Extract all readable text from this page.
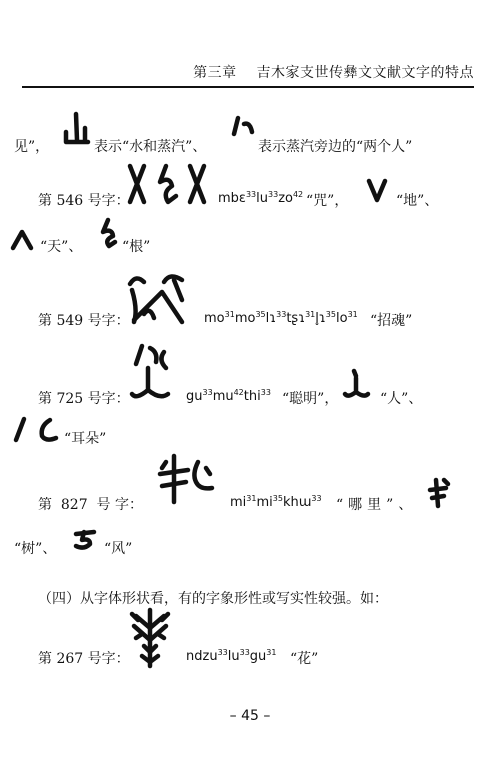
第三章 吉木家支世传彝文文献文字的特点
见”，	表示“水和蒸汽”、	表示蒸汽旁边的“两个人”
第 546 号字：	$mbɛ^{33}lu^{33}zo^{42}$ “咒”，	“地”、
“天”、	“根”
第 549 号字：	$mo^{31}mo^{35}lɿ^{33}tʂɿ^{31}l̥ɿ^{35}lo^{31}$ “招魂”
第 725 号字：	$gu^{33}mu^{42}thi^{33}$ “聪明”，	“人”、
“耳朵”
第  827  号 字：	$mi^{31}mi^{35}khɯ^{33}$ “哪里”、
“树”、	“风”
（四）从字体形状看，有的字象形性或写实性较强。如：
第 267 号字：	$ndzu^{33}lu^{33}gu^{31}$ “花”
– 45 –
